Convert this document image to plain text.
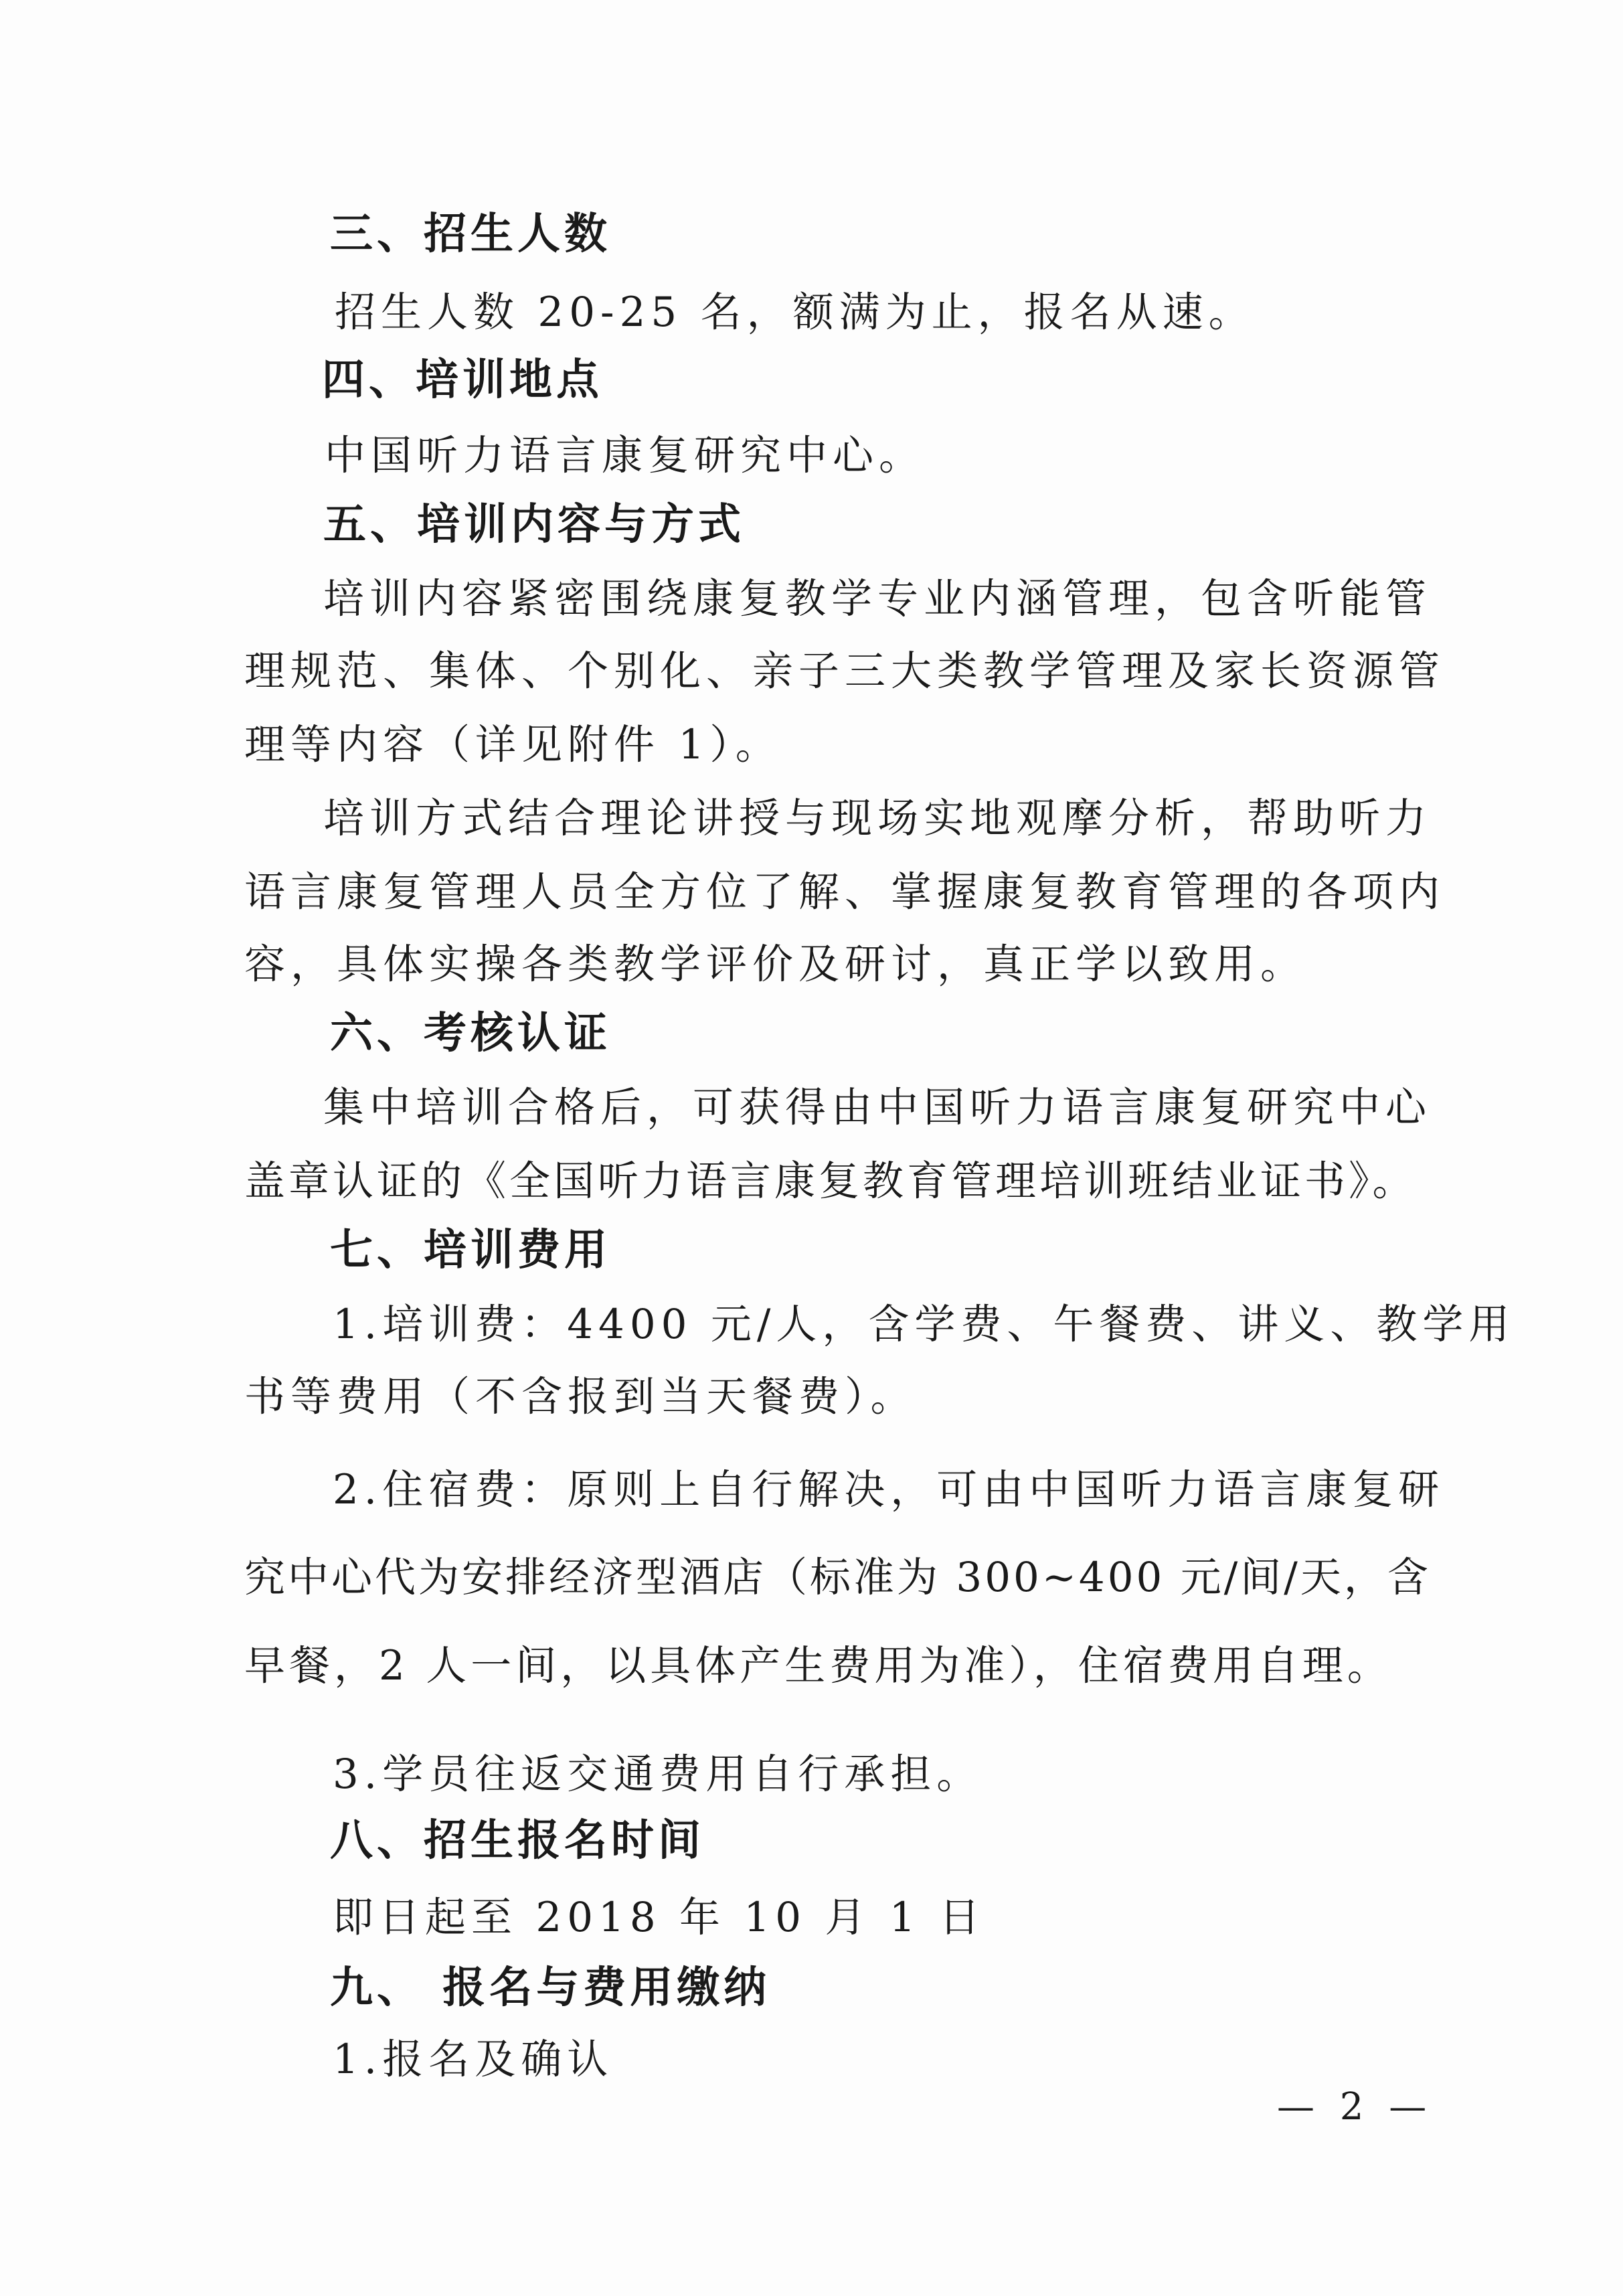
三、招生人数
招生人数 20-25 名，额满为止，报名从速。
四、培训地点
中国听力语言康复研究中心。
五、培训内容与方式
培训内容紧密围绕康复教学专业内涵管理，包含听能管
理规范、集体、个别化、亲子三大类教学管理及家长资源管
理等内容（详见附件 1）。
培训方式结合理论讲授与现场实地观摩分析，帮助听力
语言康复管理人员全方位了解、掌握康复教育管理的各项内
容，具体实操各类教学评价及研讨，真正学以致用。
六、考核认证
集中培训合格后，可获得由中国听力语言康复研究中心
盖章认证的《全国听力语言康复教育管理培训班结业证书》。
七、培训费用
1.培训费：4400 元/人，含学费、午餐费、讲义、教学用
书等费用（不含报到当天餐费）。
2.住宿费：原则上自行解决，可由中国听力语言康复研
究中心代为安排经济型酒店（标准为 300~400 元/间/天，含
早餐，2 人一间，以具体产生费用为准），住宿费用自理。
3.学员往返交通费用自行承担。
八、招生报名时间
即日起至 2018 年 10 月 1 日
九、 报名与费用缴纳
1.报名及确认
— 2 —
